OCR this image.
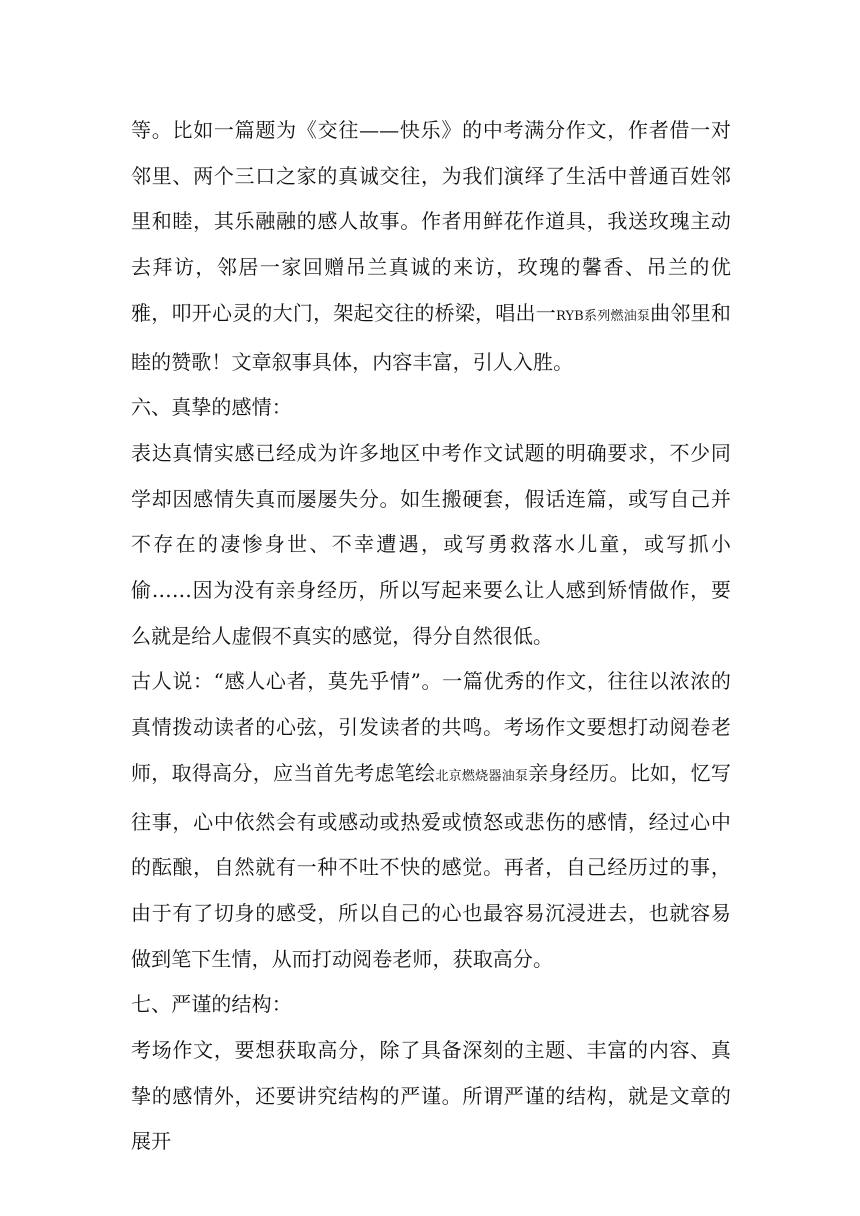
等。比如一篇题为《交往——快乐》的中考满分作文，作者借一对邻里、两个三口之家的真诚交往，为我们演绎了生活中普通百姓邻里和睦，其乐融融的感人故事。作者用鲜花作道具，我送玫瑰主动去拜访，邻居一家回赠吊兰真诚的来访，玫瑰的馨香、吊兰的优雅，叩开心灵的大门，架起交往的桥梁，唱出一RYB系列燃油泵曲邻里和睦的赞歌！文章叙事具体，内容丰富，引人入胜。

六、真挚的感情：

表达真情实感已经成为许多地区中考作文试题的明确要求，不少同学却因感情失真而屡屡失分。如生搬硬套，假话连篇，或写自己并不存在的凄惨身世、不幸遭遇，或写勇救落水儿童，或写抓小偷……因为没有亲身经历，所以写起来要么让人感到矫情做作，要么就是给人虚假不真实的感觉，得分自然很低。

古人说：“感人心者，莫先乎情”。一篇优秀的作文，往往以浓浓的真情拨动读者的心弦，引发读者的共鸣。考场作文要想打动阅卷老师，取得高分，应当首先考虑笔绘北京燃烧器油泵亲身经历。比如，忆写往事，心中依然会有或感动或热爱或愤怒或悲伤的感情，经过心中的酝酿，自然就有一种不吐不快的感觉。再者，自己经历过的事，由于有了切身的感受，所以自己的心也最容易沉浸进去，也就容易做到笔下生情，从而打动阅卷老师，获取高分。

七、严谨的结构：

考场作文，要想获取高分，除了具备深刻的主题、丰富的内容、真挚的感情外，还要讲究结构的严谨。所谓严谨的结构，就是文章的展开
